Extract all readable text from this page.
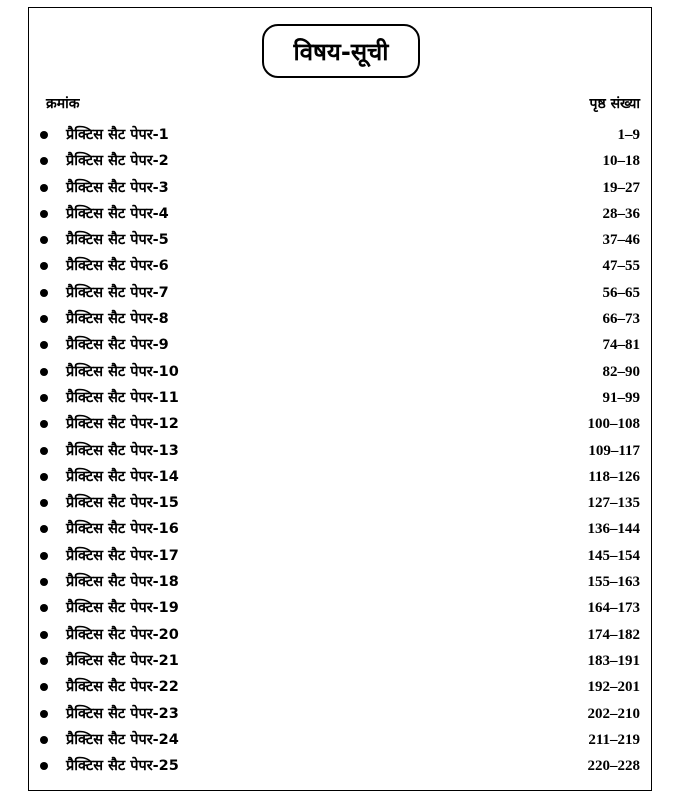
विषय-सूची
क्रमांक	पृष्ठ संख्या
प्रैक्टिस सैट पेपर-1	1–9
प्रैक्टिस सैट पेपर-2	10–18
प्रैक्टिस सैट पेपर-3	19–27
प्रैक्टिस सैट पेपर-4	28–36
प्रैक्टिस सैट पेपर-5	37–46
प्रैक्टिस सैट पेपर-6	47–55
प्रैक्टिस सैट पेपर-7	56–65
प्रैक्टिस सैट पेपर-8	66–73
प्रैक्टिस सैट पेपर-9	74–81
प्रैक्टिस सैट पेपर-10	82–90
प्रैक्टिस सैट पेपर-11	91–99
प्रैक्टिस सैट पेपर-12	100–108
प्रैक्टिस सैट पेपर-13	109–117
प्रैक्टिस सैट पेपर-14	118–126
प्रैक्टिस सैट पेपर-15	127–135
प्रैक्टिस सैट पेपर-16	136–144
प्रैक्टिस सैट पेपर-17	145–154
प्रैक्टिस सैट पेपर-18	155–163
प्रैक्टिस सैट पेपर-19	164–173
प्रैक्टिस सैट पेपर-20	174–182
प्रैक्टिस सैट पेपर-21	183–191
प्रैक्टिस सैट पेपर-22	192–201
प्रैक्टिस सैट पेपर-23	202–210
प्रैक्टिस सैट पेपर-24	211–219
प्रैक्टिस सैट पेपर-25	220–228
